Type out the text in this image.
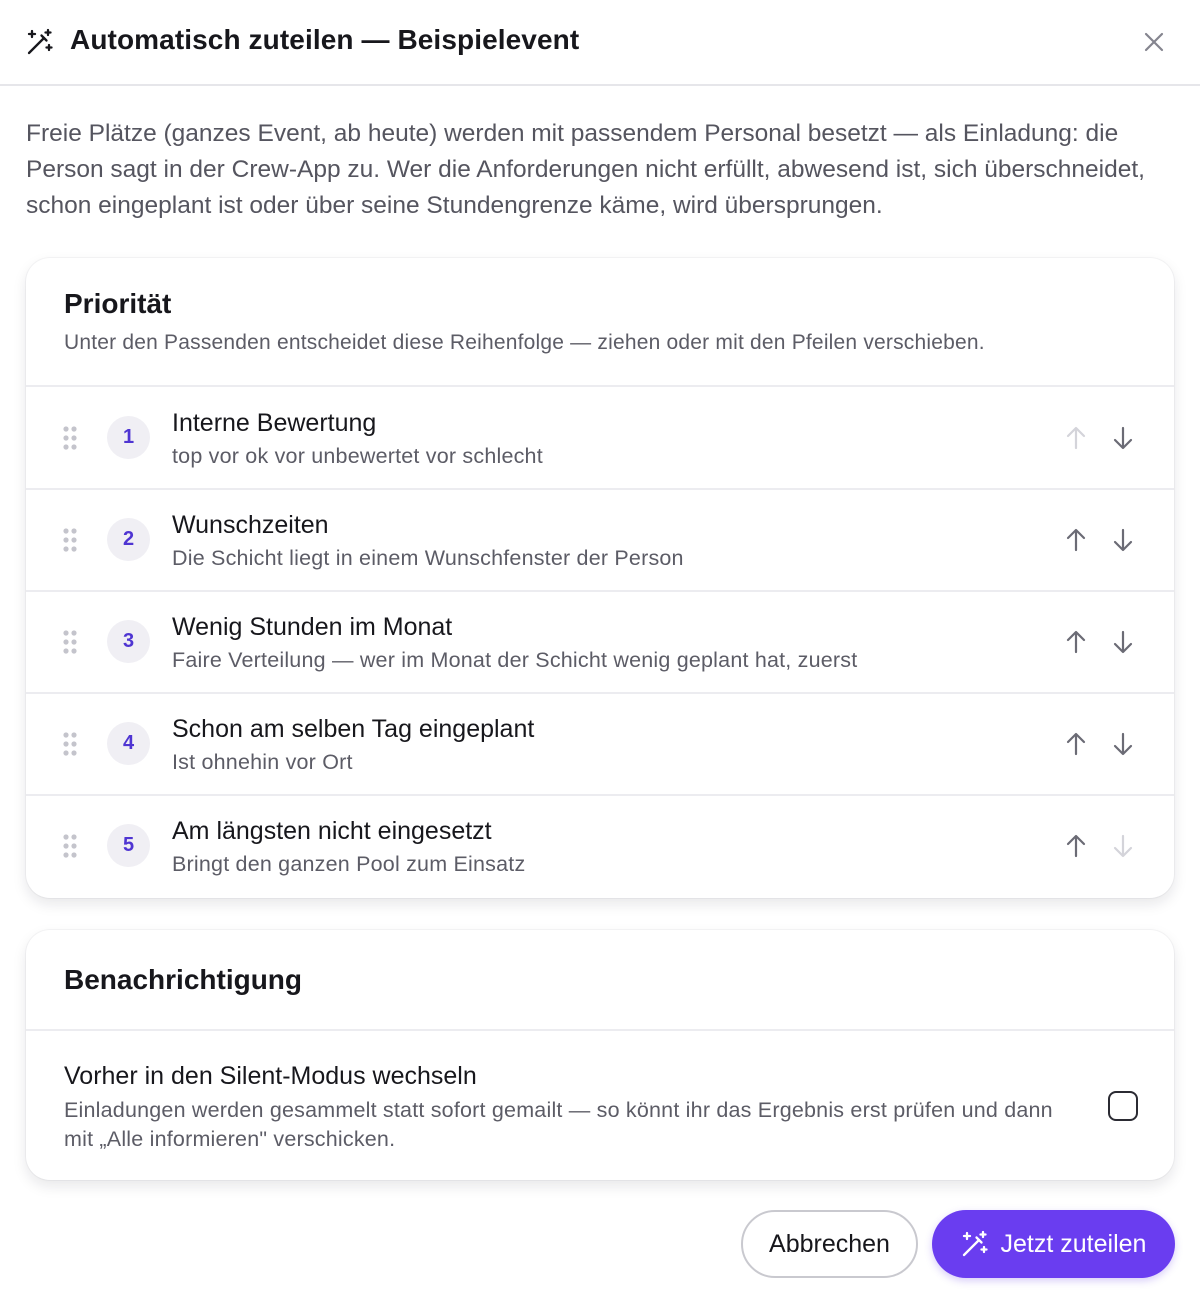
Automatisch zuteilen — Beispielevent
Freie Plätze (ganzes Event, ab heute) werden mit passendem Personal besetzt — als Einladung: die Person sagt in der Crew-App zu. Wer die Anforderungen nicht erfüllt, abwesend ist, sich überschneidet, schon eingeplant ist oder über seine Stundengrenze käme, wird übersprungen.
Priorität
Unter den Passenden entscheidet diese Reihenfolge — ziehen oder mit den Pfeilen verschieben.
1	Interne Bewertung
top vor ok vor unbewertet vor schlecht
2	Wunschzeiten
Die Schicht liegt in einem Wunschfenster der Person
3	Wenig Stunden im Monat
Faire Verteilung — wer im Monat der Schicht wenig geplant hat, zuerst
4	Schon am selben Tag eingeplant
Ist ohnehin vor Ort
5	Am längsten nicht eingesetzt
Bringt den ganzen Pool zum Einsatz
Benachrichtigung
Vorher in den Silent-Modus wechseln
Einladungen werden gesammelt statt sofort gemailt — so könnt ihr das Ergebnis erst prüfen und dann mit „Alle informieren" verschicken.
Abbrechen	Jetzt zuteilen
